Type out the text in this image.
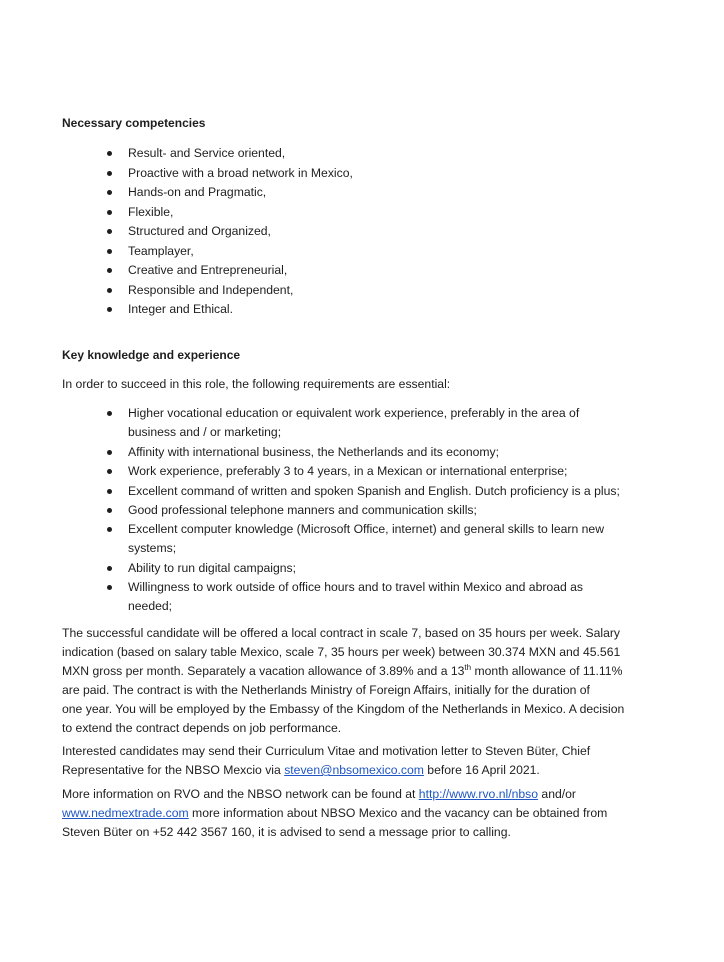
Necessary competencies

Result- and Service oriented,
Proactive with a broad network in Mexico,
Hands-on and Pragmatic,
Flexible,
Structured and Organized,
Teamplayer,
Creative and Entrepreneurial,
Responsible and Independent,
Integer and Ethical.

Key knowledge and experience

In order to succeed in this role, the following requirements are essential:

Higher vocational education or equivalent work experience, preferably in the area of
business and / or marketing;
Affinity with international business, the Netherlands and its economy;
Work experience, preferably 3 to 4 years, in a Mexican or international enterprise;
Excellent command of written and spoken Spanish and English. Dutch proficiency is a plus;
Good professional telephone manners and communication skills;
Excellent computer knowledge (Microsoft Office, internet) and general skills to learn new
systems;
Ability to run digital campaigns;
Willingness to work outside of office hours and to travel within Mexico and abroad as
needed;

The successful candidate will be offered a local contract in scale 7, based on 35 hours per week. Salary

indication (based on salary table Mexico, scale 7, 35 hours per week) between 30.374 MXN and 45.561

MXN gross per month. Separately a vacation allowance of 3.89% and a 13th month allowance of 11.11%

are paid. The contract is with the Netherlands Ministry of Foreign Affairs, initially for the duration of

one year. You will be employed by the Embassy of the Kingdom of the Netherlands in Mexico. A decision

to extend the contract depends on job performance.

Interested candidates may send their Curriculum Vitae and motivation letter to Steven Büter, Chief

Representative for the NBSO Mexcio via steven@nbsomexico.com before 16 April 2021.

More information on RVO and the NBSO network can be found at http://www.rvo.nl/nbso and/or

www.nedmextrade.com more information about NBSO Mexico and the vacancy can be obtained from

Steven Büter on +52 442 3567 160, it is advised to send a message prior to calling.
